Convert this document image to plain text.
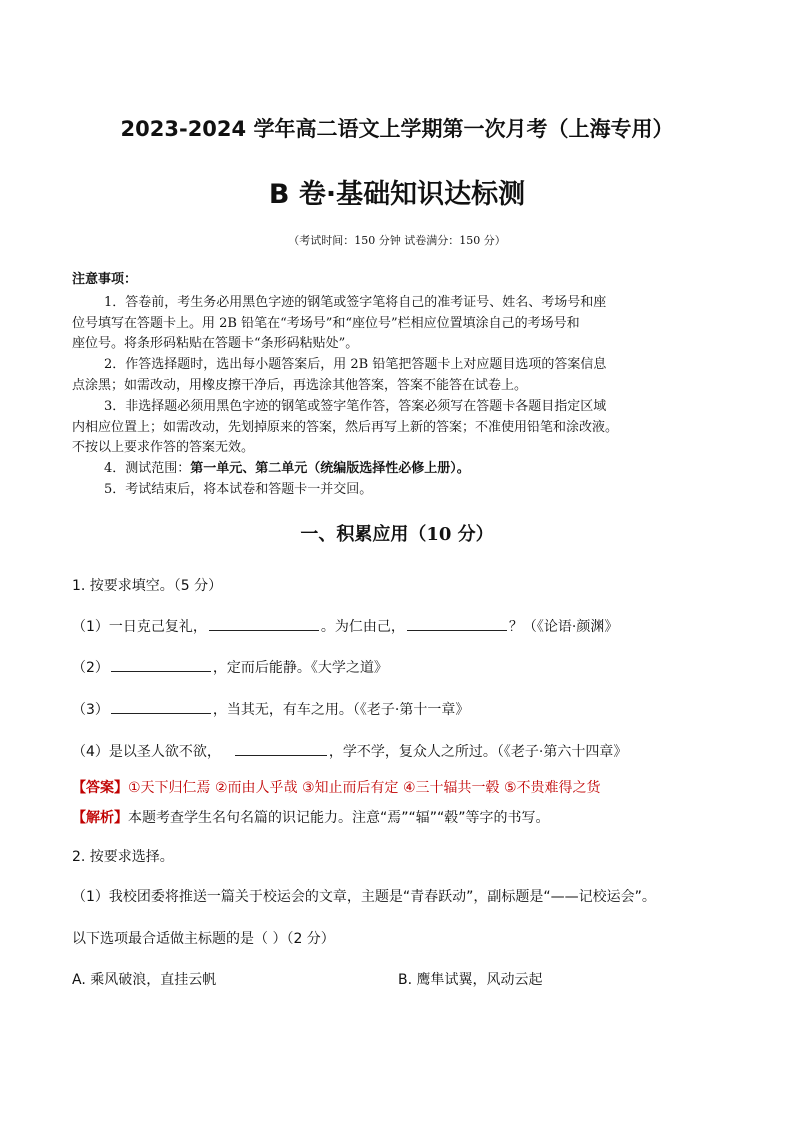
2023-2024 学年高二语文上学期第一次月考（上海专用）
B 卷·基础知识达标测
（考试时间：150 分钟 试卷满分：150 分）
注意事项：
1．答卷前，考生务必用黑色字迹的钢笔或签字笔将自己的准考证号、姓名、考场号和座
位号填写在答题卡上。用 2B 铅笔在“考场号”和“座位号”栏相应位置填涂自己的考场号和
座位号。将条形码粘贴在答题卡“条形码粘贴处”。
2．作答选择题时，选出每小题答案后，用 2B 铅笔把答题卡上对应题目选项的答案信息
点涂黑；如需改动，用橡皮擦干净后，再选涂其他答案，答案不能答在试卷上。
3．非选择题必须用黑色字迹的钢笔或签字笔作答，答案必须写在答题卡各题目指定区域
内相应位置上；如需改动，先划掉原来的答案，然后再写上新的答案；不准使用铅笔和涂改液。
不按以上要求作答的答案无效。
4．测试范围：第一单元、第二单元（统编版选择性必修上册）。
5．考试结束后，将本试卷和答题卡一并交回。
一、积累应用（10 分）
1. 按要求填空。（5 分）
（1）一日克己复礼，	。为仁由己，	？（《论语·颜渊》
（2）	，定而后能静。《大学之道》
（3）	，当其无，有车之用。（《老子·第十一章》
（4）是以圣人欲不欲，	，学不学，复众人之所过。（《老子·第六十四章》
【答案】①天下归仁焉 ②而由人乎哉 ③知止而后有定 ④三十辐共一毂 ⑤不贵难得之货
【解析】本题考查学生名句名篇的识记能力。注意“焉”“辐”“毂”等字的书写。
2. 按要求选择。
（1）我校团委将推送一篇关于校运会的文章，主题是“青春跃动”，副标题是“——记校运会”。
以下选项最合适做主标题的是（ ）（2 分）
A. 乘风破浪，直挂云帆	B. 鹰隼试翼，风动云起
